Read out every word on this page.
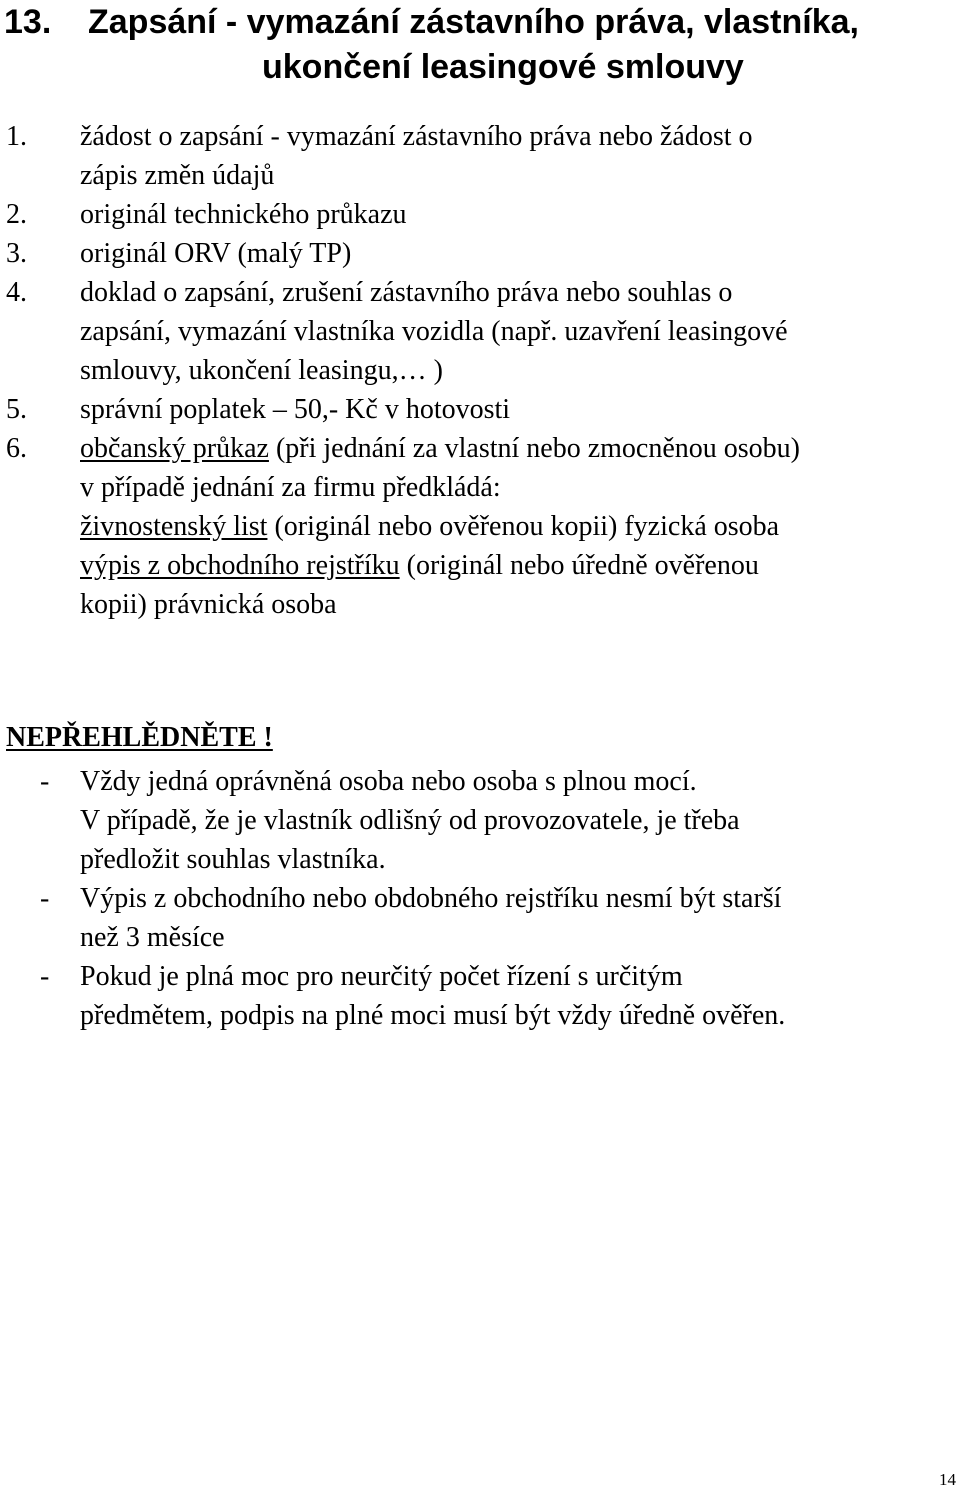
13. Zapsání - vymazání zástavního práva, vlastníka,
ukončení leasingové smlouvy
1. žádost o zapsání - vymazání zástavního práva nebo žádost o
zápis změn údajů
2. originál technického průkazu
3. originál ORV (malý TP)
4. doklad o zapsání, zrušení zástavního práva nebo souhlas o
zapsání, vymazání vlastníka vozidla (např. uzavření leasingové
smlouvy, ukončení leasingu,… )
5. správní poplatek – 50,- Kč v hotovosti
6. občanský průkaz (při jednání za vlastní nebo zmocněnou osobu)
v případě jednání za firmu předkládá:
živnostenský list (originál nebo ověřenou kopii) fyzická osoba
výpis z obchodního rejstříku (originál nebo úředně ověřenou
kopii) právnická osoba
NEPŘEHLĚDNĚTE !
- Vždy jedná oprávněná osoba nebo osoba s plnou mocí.
V případě, že je vlastník odlišný od provozovatele, je třeba
předložit souhlas vlastníka.
- Výpis z obchodního nebo obdobného rejstříku nesmí být starší
než 3 měsíce
- Pokud je plná moc pro neurčitý počet řízení s určitým
předmětem, podpis na plné moci musí být vždy úředně ověřen.
14
